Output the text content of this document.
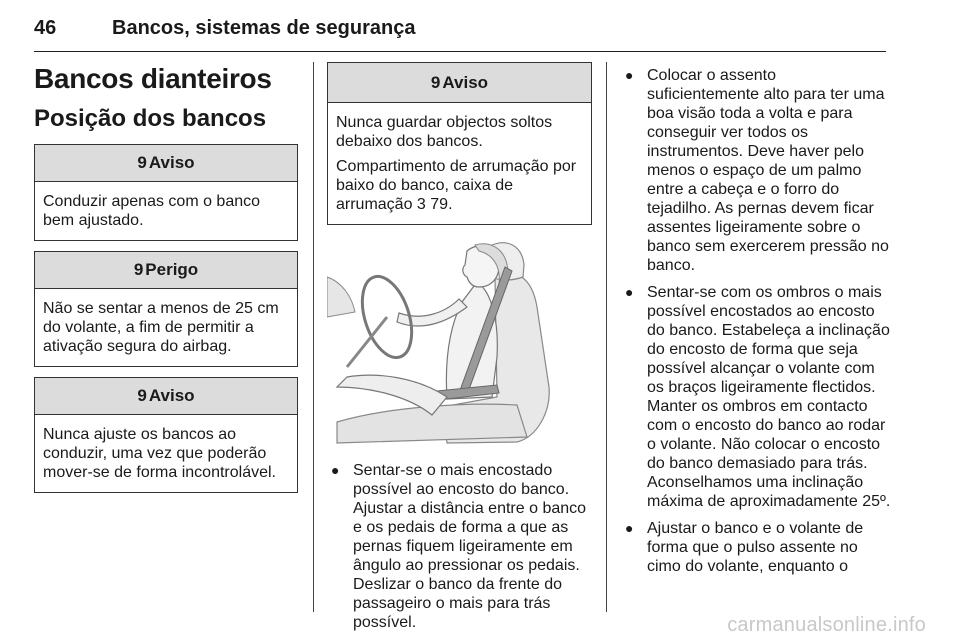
46	Bancos, sistemas de segurança
Bancos dianteiros
Posição dos bancos
9 Aviso
Conduzir apenas com o banco bem ajustado.
9 Perigo
Não se sentar a menos de 25 cm do volante, a fim de permitir a ativação segura do airbag.
9 Aviso
Nunca ajuste os bancos ao conduzir, uma vez que poderão mover-se de forma incontrolável.
9 Aviso

Nunca guardar objectos soltos debaixo dos bancos.

Compartimento de arrumação por baixo do banco, caixa de arrumação 3 79.

● Sentar-se o mais encostado possível ao encosto do banco. Ajustar a distância entre o banco e os pedais de forma a que as pernas fiquem ligeiramente em ângulo ao pressionar os pedais. Deslizar o banco da frente do passageiro o mais para trás possível.
● Colocar o assento suficientemente alto para ter uma boa visão toda a volta e para conseguir ver todos os instrumentos. Deve haver pelo menos o espaço de um palmo entre a cabeça e o forro do tejadilho. As pernas devem ficar assentes ligeiramente sobre o banco sem exercerem pressão no banco.
● Sentar-se com os ombros o mais possível encostados ao encosto do banco. Estabeleça a inclinação do encosto de forma que seja possível alcançar o volante com os braços ligeiramente flectidos. Manter os ombros em contacto com o encosto do banco ao rodar o volante. Não colocar o encosto do banco demasiado para trás. Aconselhamos uma inclinação máxima de aproximadamente 25º.
● Ajustar o banco e o volante de forma que o pulso assente no cimo do volante, enquanto o
carmanualsonline.info
